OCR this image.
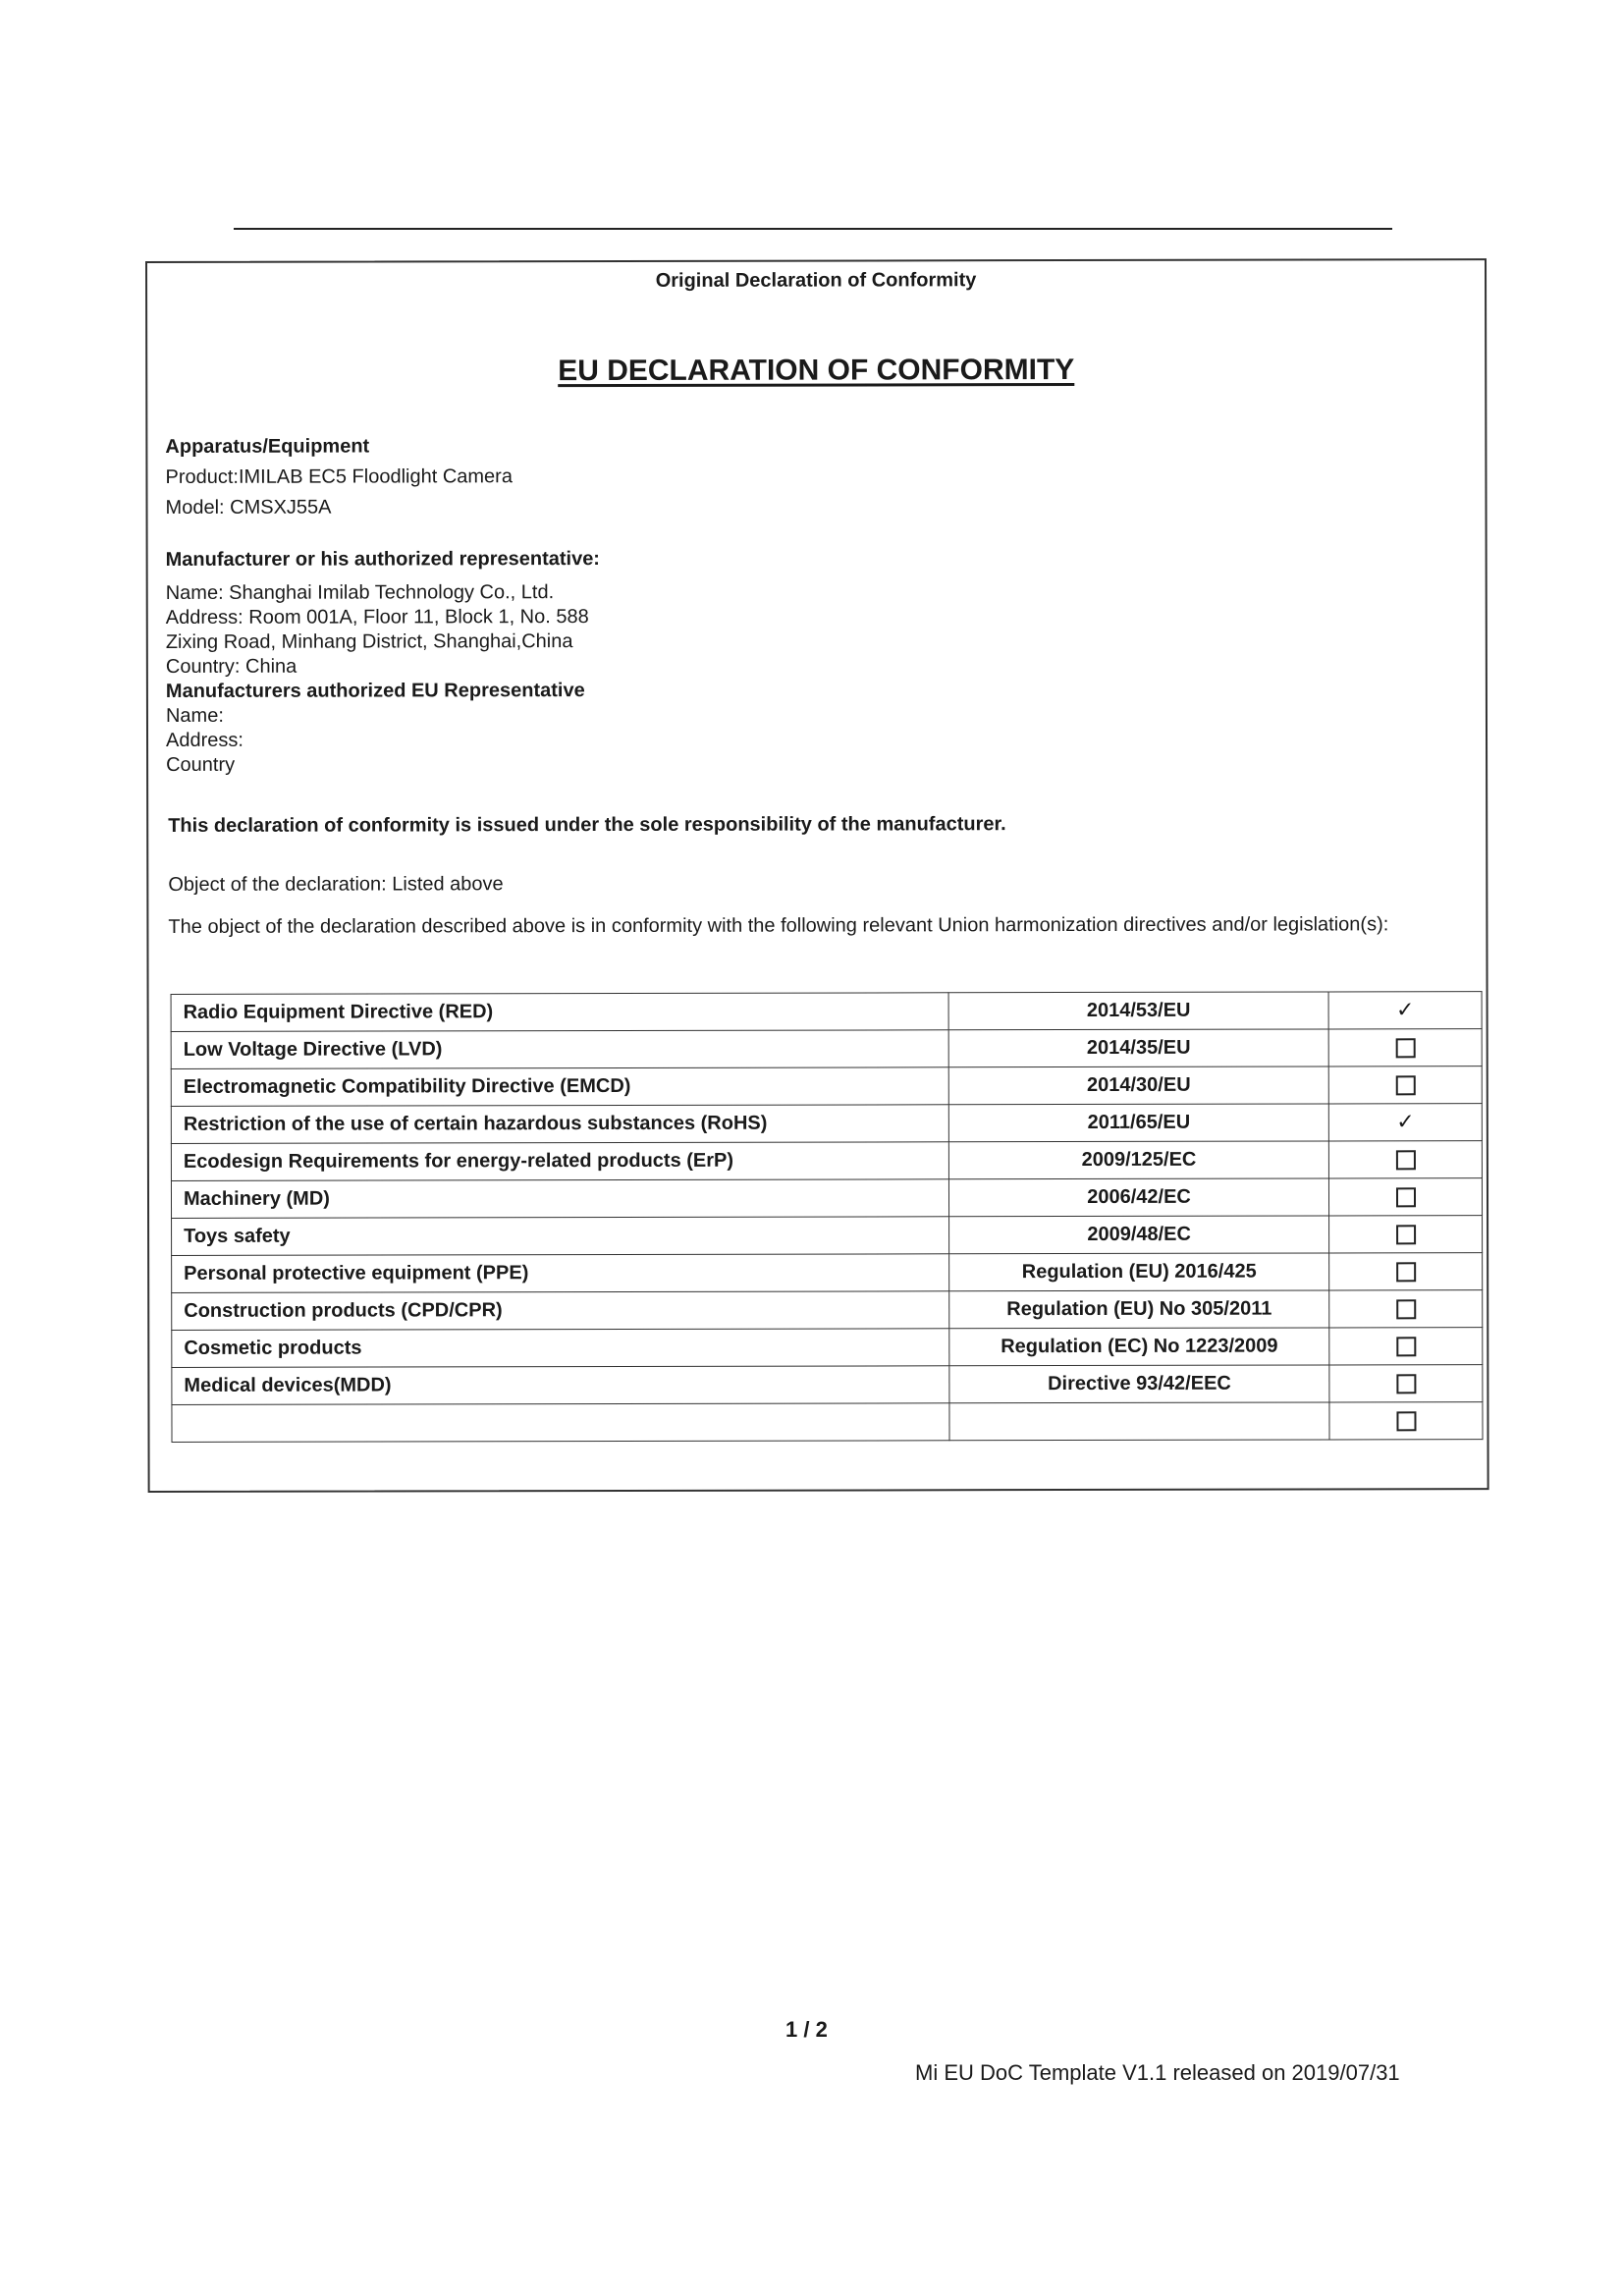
Original Declaration of Conformity
EU DECLARATION OF CONFORMITY
Apparatus/Equipment
Product:IMILAB EC5 Floodlight Camera
Model: CMSXJ55A
Manufacturer or his authorized representative:
Name: Shanghai Imilab Technology Co., Ltd.
Address: Room 001A, Floor 11, Block 1, No. 588
Zixing Road, Minhang District, Shanghai,China
Country: China
Manufacturers authorized EU Representative
Name:
Address:
Country
This declaration of conformity is issued under the sole responsibility of the manufacturer.
Object of the declaration: Listed above
The object of the declaration described above is in conformity with the following relevant Union harmonization directives and/or legislation(s):
Radio Equipment Directive (RED)	2014/53/EU	✓
Low Voltage Directive (LVD)	2014/35/EU	
Electromagnetic Compatibility Directive (EMCD)	2014/30/EU	
Restriction of the use of certain hazardous substances (RoHS)	2011/65/EU	✓
Ecodesign Requirements for energy-related products (ErP)	2009/125/EC	
Machinery (MD)	2006/42/EC	
Toys safety	2009/48/EC	
Personal protective equipment (PPE)	Regulation (EU) 2016/425	
Construction products (CPD/CPR)	Regulation (EU) No 305/2011	
Cosmetic products	Regulation (EC) No 1223/2009	
Medical devices(MDD)	Directive 93/42/EEC	

1 / 2
Mi EU DoC Template V1.1 released on 2019/07/31
